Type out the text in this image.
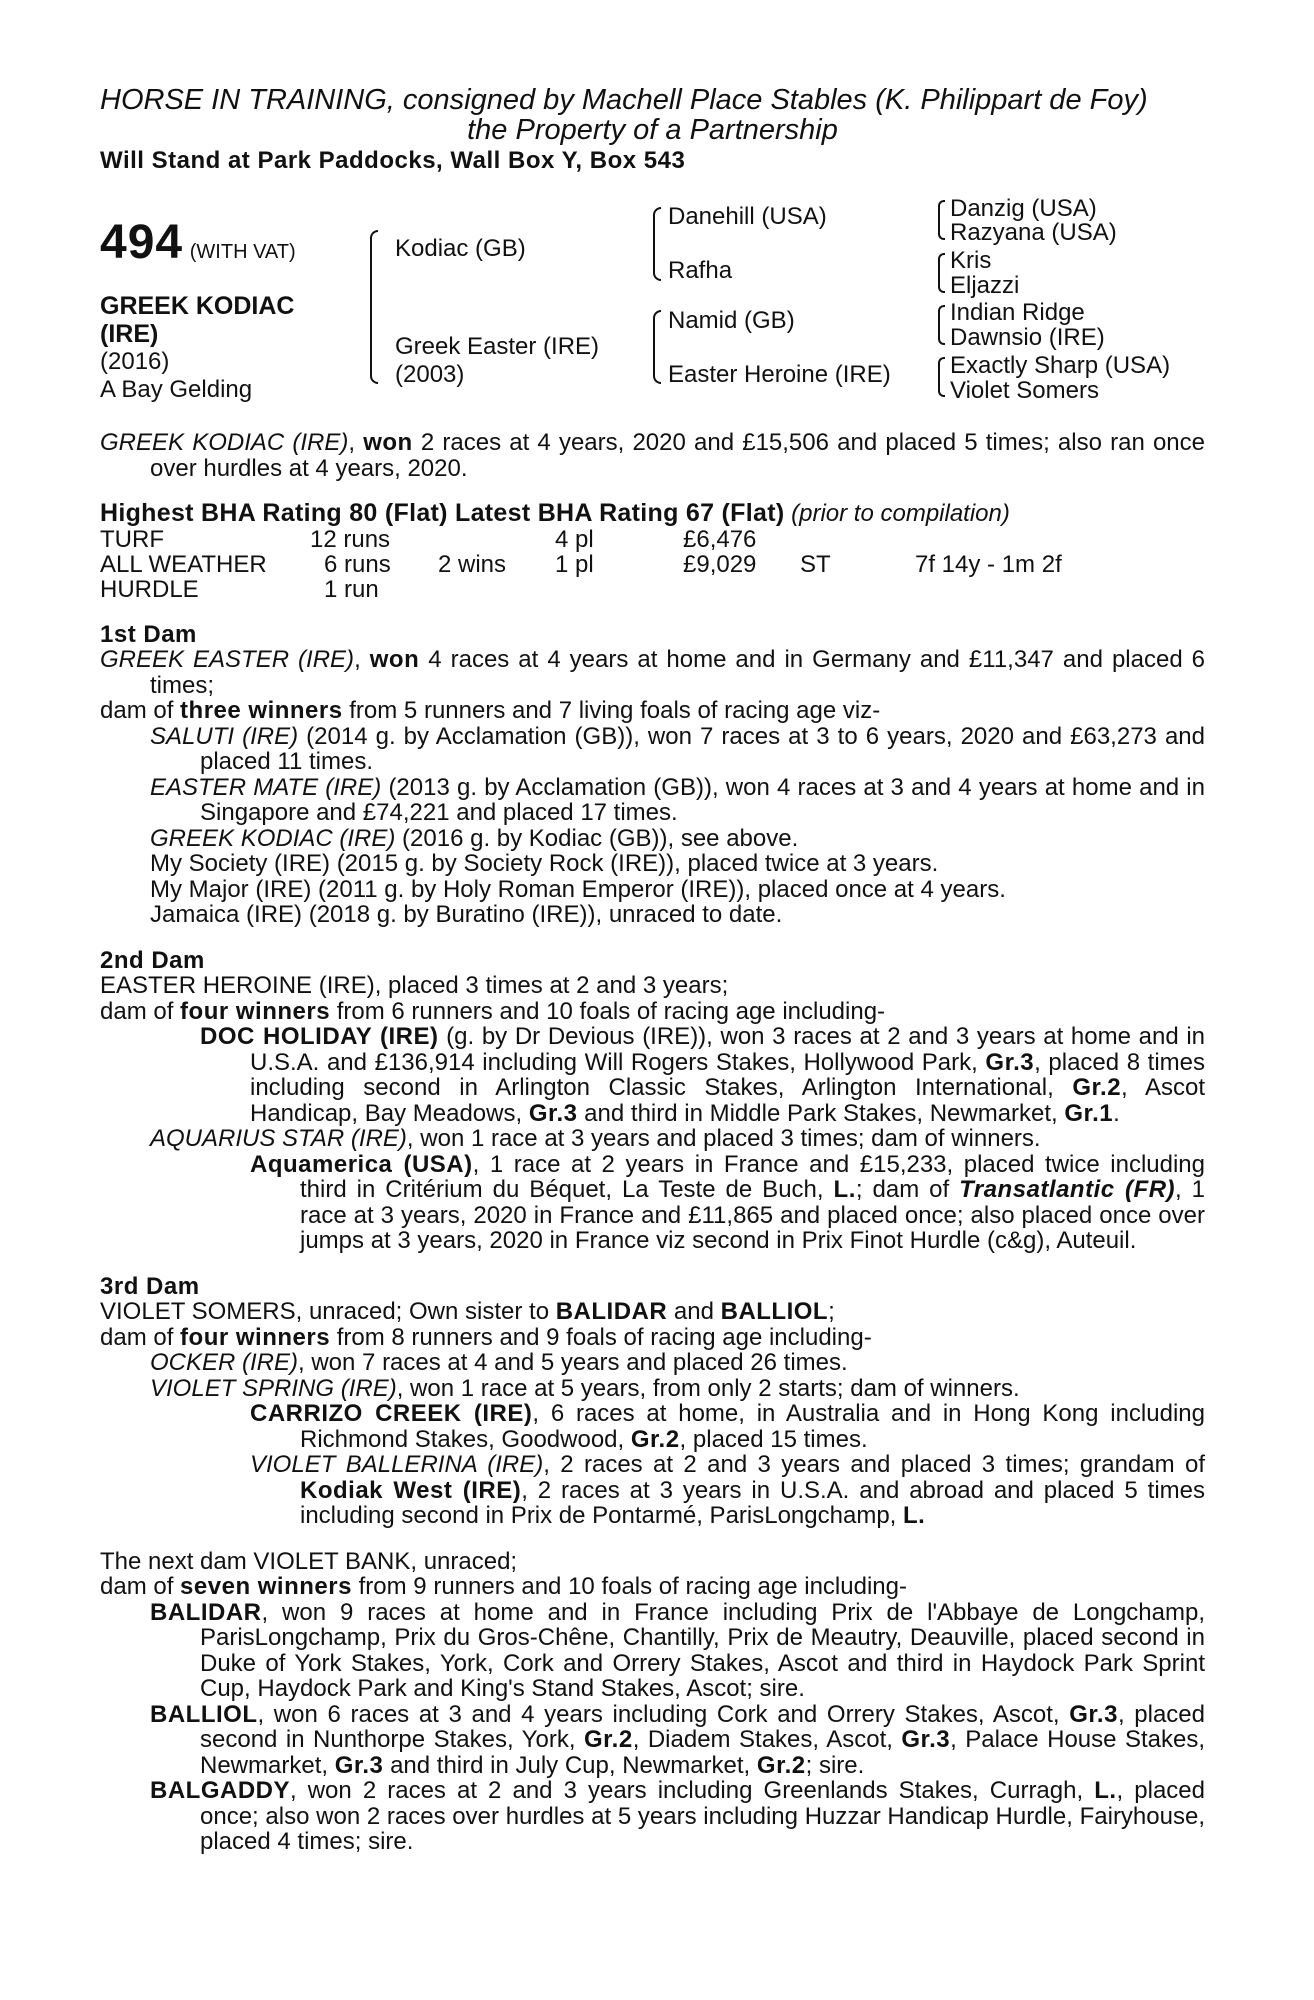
HORSE IN TRAINING, consigned by Machell Place Stables (K. Philippart de Foy)
the Property of a Partnership
Will Stand at Park Paddocks, Wall Box Y, Box 543
494 (WITH VAT)
GREEK KODIAC (IRE)
(2016)
A Bay Gelding
Kodiac (GB)
Greek Easter (IRE)
(2003)
Danehill (USA)
Rafha
Namid (GB)
Easter Heroine (IRE)
Danzig (USA)
Razyana (USA)
Kris
Eljazzi
Indian Ridge
Dawnsio (IRE)
Exactly Sharp (USA)
Violet Somers

GREEK KODIAC (IRE), won 2 races at 4 years, 2020 and £15,506 and placed 5 times; also ran once over hurdles at 4 years, 2020.

Highest BHA Rating 80 (Flat) Latest BHA Rating 67 (Flat) (prior to compilation)
TURF	12 runs	4 pl	£6,476
ALL WEATHER 6 runs 2 wins 1 pl	£9,029 ST	7f 14y - 1m 2f
HURDLE	1 run
1st Dam

GREEK EASTER (IRE), won 4 races at 4 years at home and in Germany and £11,347 and placed 6 times;

dam of three winners from 5 runners and 7 living foals of racing age viz-

SALUTI (IRE) (2014 g. by Acclamation (GB)), won 7 races at 3 to 6 years, 2020 and £63,273 and placed 11 times.

EASTER MATE (IRE) (2013 g. by Acclamation (GB)), won 4 races at 3 and 4 years at home and in Singapore and £74,221 and placed 17 times.

GREEK KODIAC (IRE) (2016 g. by Kodiac (GB)), see above.

My Society (IRE) (2015 g. by Society Rock (IRE)), placed twice at 3 years.

My Major (IRE) (2011 g. by Holy Roman Emperor (IRE)), placed once at 4 years.

Jamaica (IRE) (2018 g. by Buratino (IRE)), unraced to date.

2nd Dam

EASTER HEROINE (IRE), placed 3 times at 2 and 3 years;

dam of four winners from 6 runners and 10 foals of racing age including-

DOC HOLIDAY (IRE) (g. by Dr Devious (IRE)), won 3 races at 2 and 3 years at home and in U.S.A. and £136,914 including Will Rogers Stakes, Hollywood Park, Gr.3, placed 8 times including second in Arlington Classic Stakes, Arlington International, Gr.2, Ascot Handicap, Bay Meadows, Gr.3 and third in Middle Park Stakes, Newmarket, Gr.1.

AQUARIUS STAR (IRE), won 1 race at 3 years and placed 3 times; dam of winners.

Aquamerica (USA), 1 race at 2 years in France and £15,233, placed twice including third in Critérium du Béquet, La Teste de Buch, L.; dam of Transatlantic (FR), 1 race at 3 years, 2020 in France and £11,865 and placed once; also placed once over jumps at 3 years, 2020 in France viz second in Prix Finot Hurdle (c&g), Auteuil.

3rd Dam

VIOLET SOMERS, unraced; Own sister to BALIDAR and BALLIOL;

dam of four winners from 8 runners and 9 foals of racing age including-

OCKER (IRE), won 7 races at 4 and 5 years and placed 26 times.

VIOLET SPRING (IRE), won 1 race at 5 years, from only 2 starts; dam of winners.

CARRIZO CREEK (IRE), 6 races at home, in Australia and in Hong Kong including Richmond Stakes, Goodwood, Gr.2, placed 15 times.

VIOLET BALLERINA (IRE), 2 races at 2 and 3 years and placed 3 times; grandam of Kodiak West (IRE), 2 races at 3 years in U.S.A. and abroad and placed 5 times including second in Prix de Pontarmé, ParisLongchamp, L.

The next dam VIOLET BANK, unraced;

dam of seven winners from 9 runners and 10 foals of racing age including-

BALIDAR, won 9 races at home and in France including Prix de l'Abbaye de Longchamp, ParisLongchamp, Prix du Gros-Chêne, Chantilly, Prix de Meautry, Deauville, placed second in Duke of York Stakes, York, Cork and Orrery Stakes, Ascot and third in Haydock Park Sprint Cup, Haydock Park and King's Stand Stakes, Ascot; sire.

BALLIOL, won 6 races at 3 and 4 years including Cork and Orrery Stakes, Ascot, Gr.3, placed second in Nunthorpe Stakes, York, Gr.2, Diadem Stakes, Ascot, Gr.3, Palace House Stakes, Newmarket, Gr.3 and third in July Cup, Newmarket, Gr.2; sire.

BALGADDY, won 2 races at 2 and 3 years including Greenlands Stakes, Curragh, L., placed once; also won 2 races over hurdles at 5 years including Huzzar Handicap Hurdle, Fairyhouse, placed 4 times; sire.
